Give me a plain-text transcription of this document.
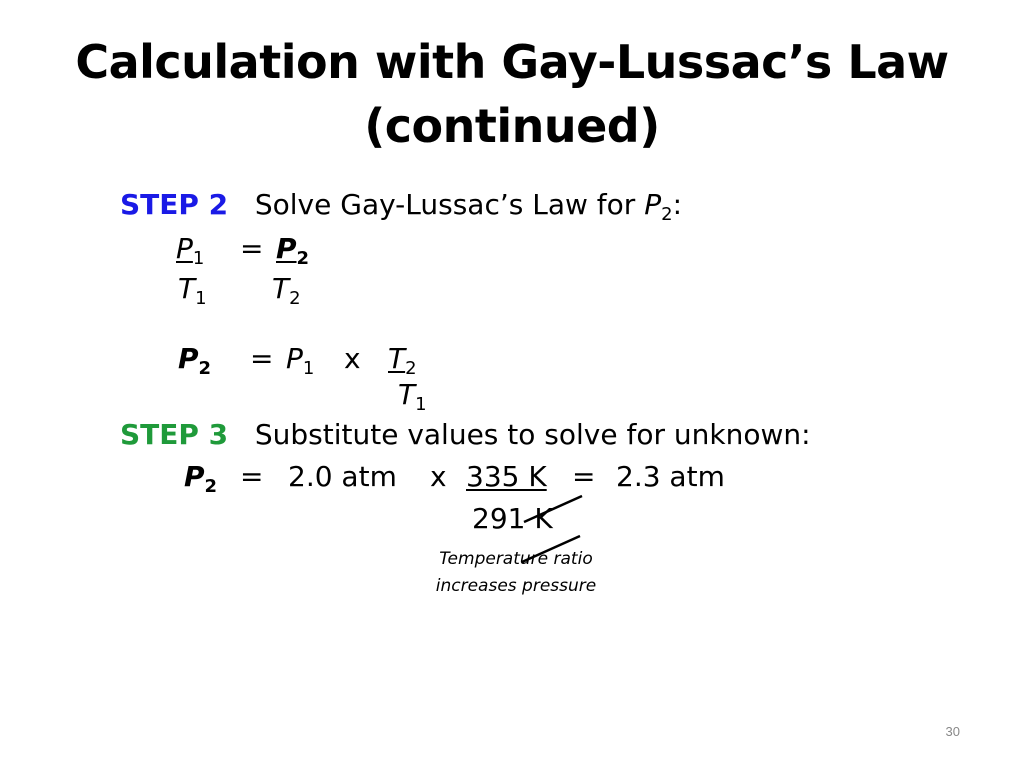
Calculation with Gay-Lussac’s Law
(continued)
STEP 2 Solve Gay-Lussac’s Law for $P_2$:
$P_1 = P_2$
$T_1$ $T_2$
$P_2 = P_1$ x $T_2$
$T_1$
STEP 3 Substitute values to solve for unknown:
$P_2 = 2.0$ atm x 335 K = 2.3 atm
291 K
Temperature ratio
increases pressure
30
